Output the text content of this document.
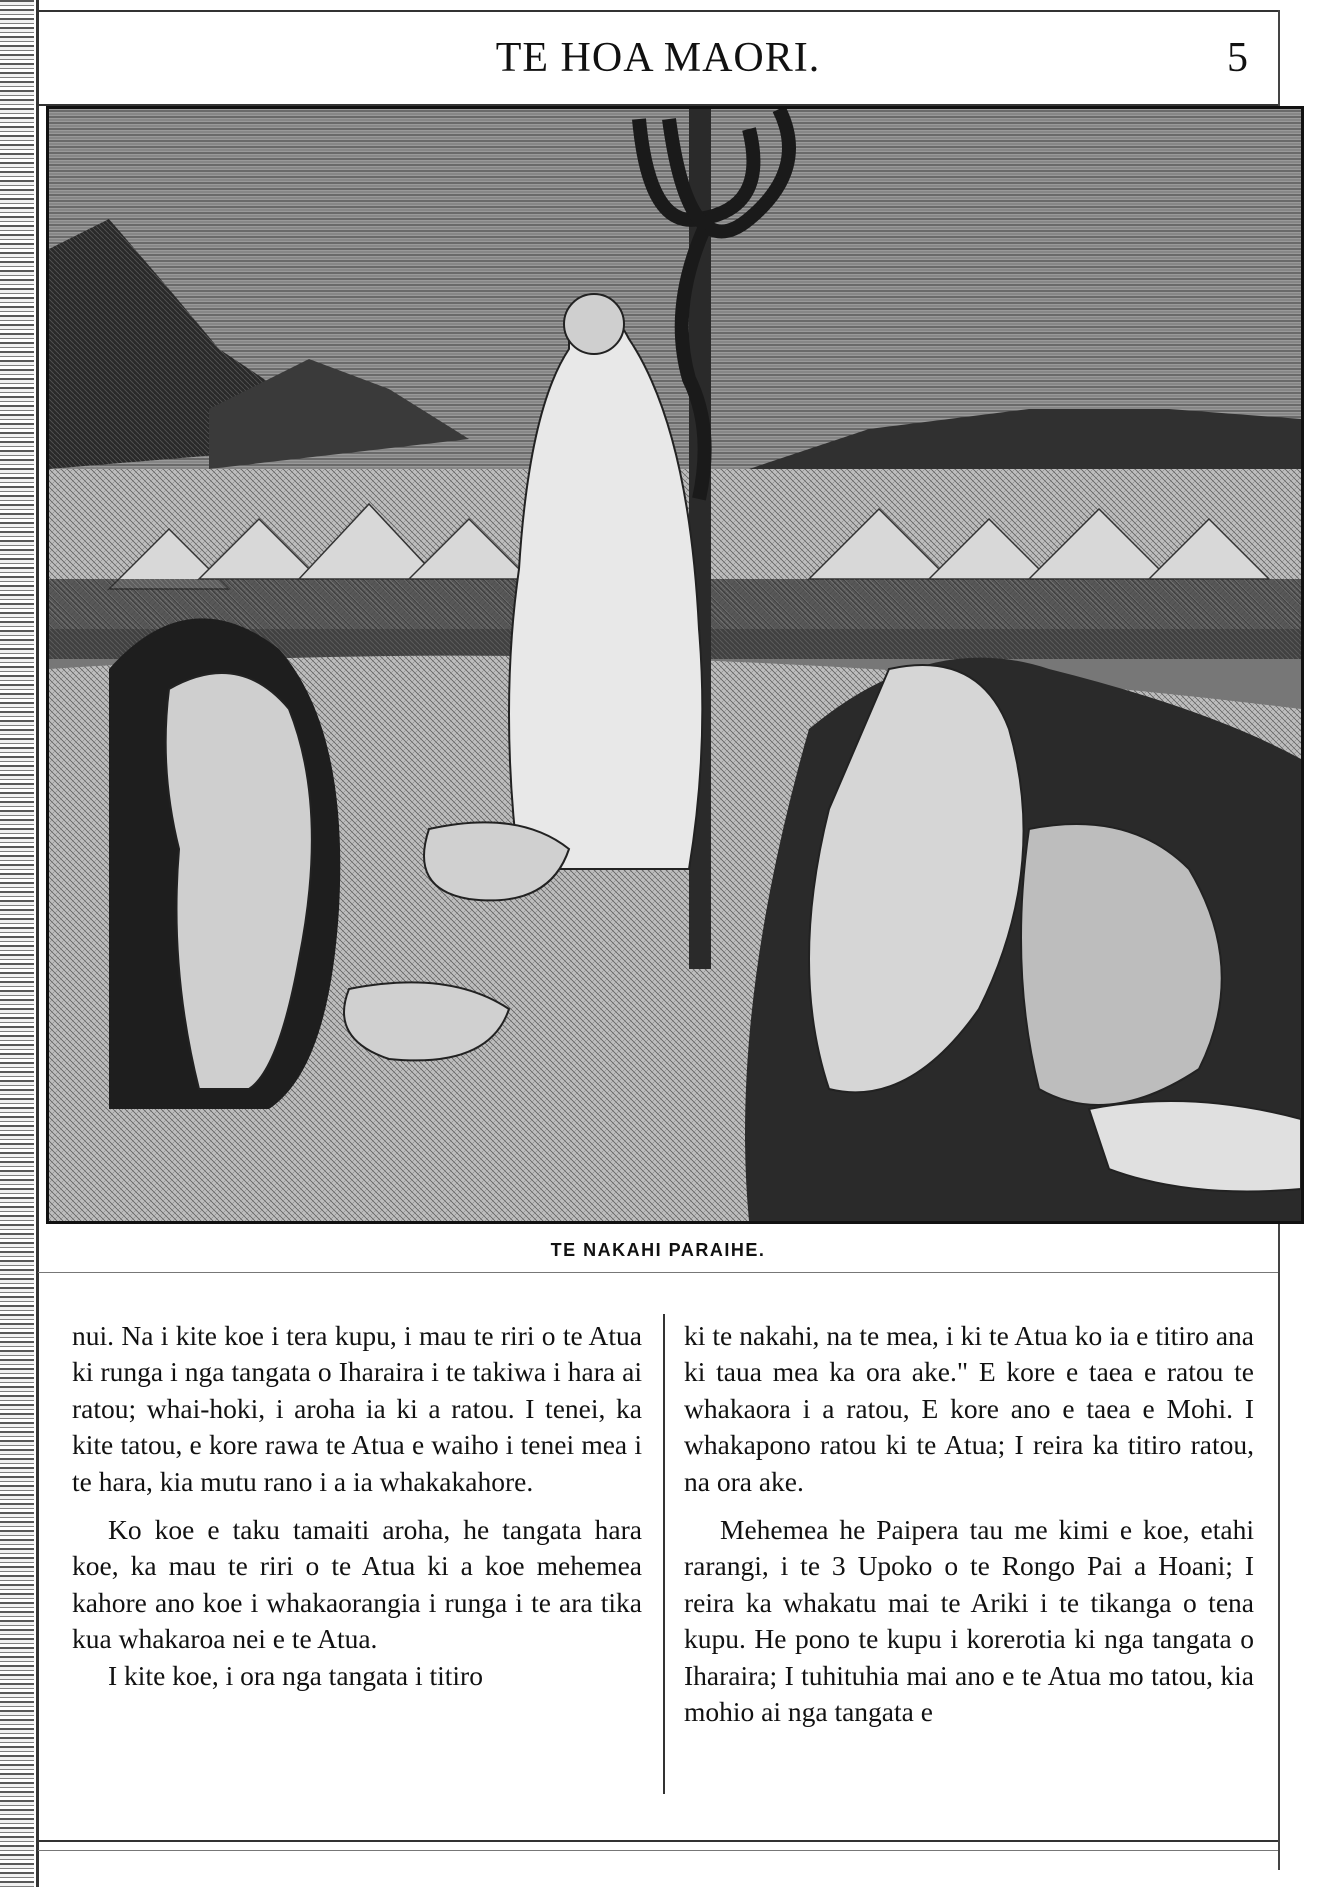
TE HOA MAORI.	5
TE NAKAHI PARAIHE.

nui. Na i kite koe i tera kupu, i mau te riri o te Atua ki runga i nga tangata o Iharaira i te takiwa i hara ai ratou; whai-hoki, i aroha ia ki a ratou. I tenei, ka kite tatou, e kore rawa te Atua e waiho i tenei mea i te hara, kia mutu rano i a ia whakakahore.

Ko koe e taku tamaiti aroha, he tangata hara koe, ka mau te riri o te Atua ki a koe mehemea kahore ano koe i whakaorangia i runga i te ara tika kua whakaroa nei e te Atua.

I kite koe, i ora nga tangata i titiro

ki te nakahi, na te mea, i ki te Atua ko ia e titiro ana ki taua mea ka ora ake." E kore e taea e ratou te whakaora i a ratou, E kore ano e taea e Mohi. I whakapono ratou ki te Atua; I reira ka titiro ratou, na ora ake.

Mehemea he Paipera tau me kimi e koe, etahi rarangi, i te 3 Upoko o te Rongo Pai a Hoani; I reira ka whakatu mai te Ariki i te tikanga o tena kupu. He pono te kupu i korerotia ki nga tangata o Iharaira; I tuhituhia mai ano e te Atua mo tatou, kia mohio ai nga tangata e
